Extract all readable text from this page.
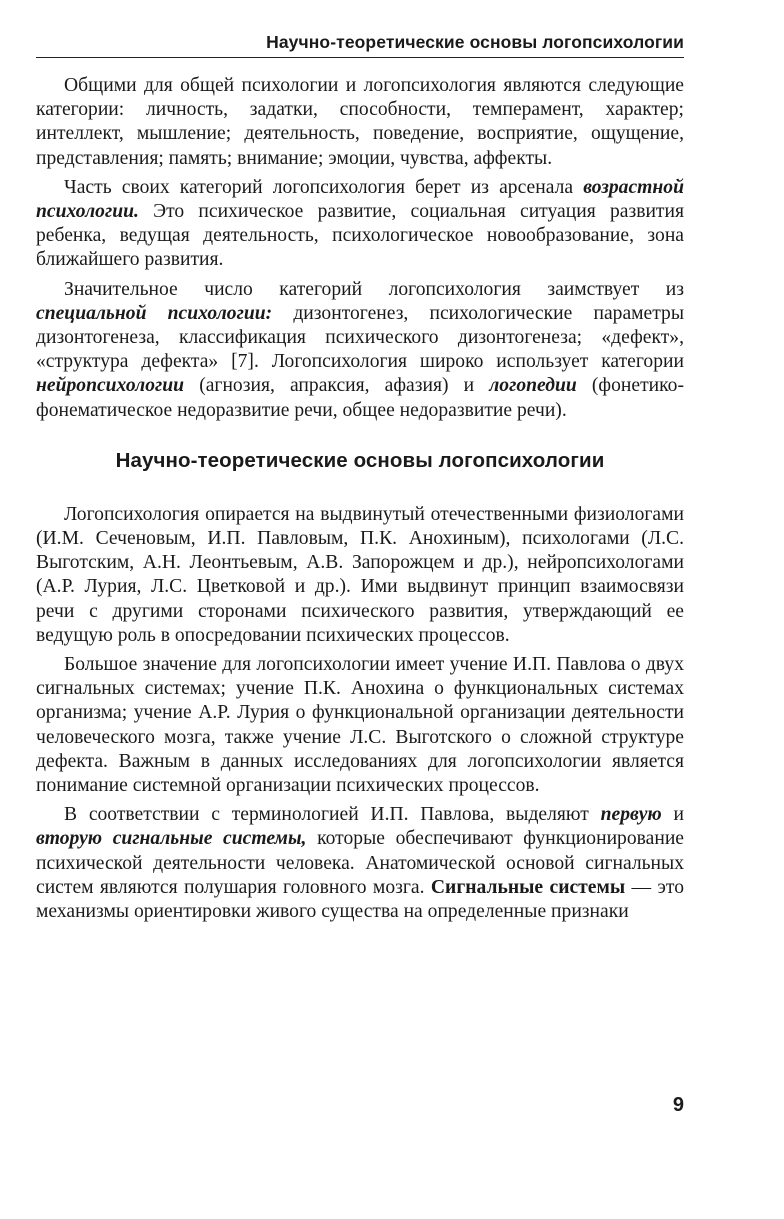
Научно-теоретические основы логопсихологии

Общими для общей психологии и логопсихология являются следующие категории: личность, задатки, способности, темперамент, характер; интеллект, мышление; деятельность, поведение, восприятие, ощущение, представления; память; внимание; эмоции, чувства, аффекты.

Часть своих категорий логопсихология берет из арсенала возрастной психологии. Это психическое развитие, социальная ситуация развития ребенка, ведущая деятельность, психологическое новообразование, зона ближайшего развития.

Значительное число категорий логопсихология заимствует из специальной психологии: дизонтогенез, психологические параметры дизонтогенеза, классификация психического дизонтогенеза; «дефект», «структура дефекта» [7]. Логопсихология широко использует категории нейропсихологии (агнозия, апраксия, афазия) и логопедии (фонетико-фонематическое недоразвитие речи, общее недоразвитие речи).

Научно-теоретические основы логопсихологии

Логопсихология опирается на выдвинутый отечественными физиологами (И.М. Сеченовым, И.П. Павловым, П.К. Анохиным), психологами (Л.С. Выготским, А.Н. Леонтьевым, А.В. Запорожцем и др.), нейропсихологами (А.Р. Лурия, Л.С. Цветковой и др.). Ими выдвинут принцип взаимосвязи речи с другими сторонами психического развития, утверждающий ее ведущую роль в опосредовании психических процессов.

Большое значение для логопсихологии имеет учение И.П. Павлова о двух сигнальных системах; учение П.К. Анохина о функциональных системах организма; учение А.Р. Лурия о функциональной организации деятельности человеческого мозга, также учение Л.С. Выготского о сложной структуре дефекта. Важным в данных исследованиях для логопсихологии является понимание системной организации психических процессов.

В соответствии с терминологией И.П. Павлова, выделяют первую и вторую сигнальные системы, которые обеспечивают функционирование психической деятельности человека. Анатомической основой сигнальных систем являются полушария головного мозга. Сигнальные системы — это механизмы ориентировки живого существа на определенные признаки

9
